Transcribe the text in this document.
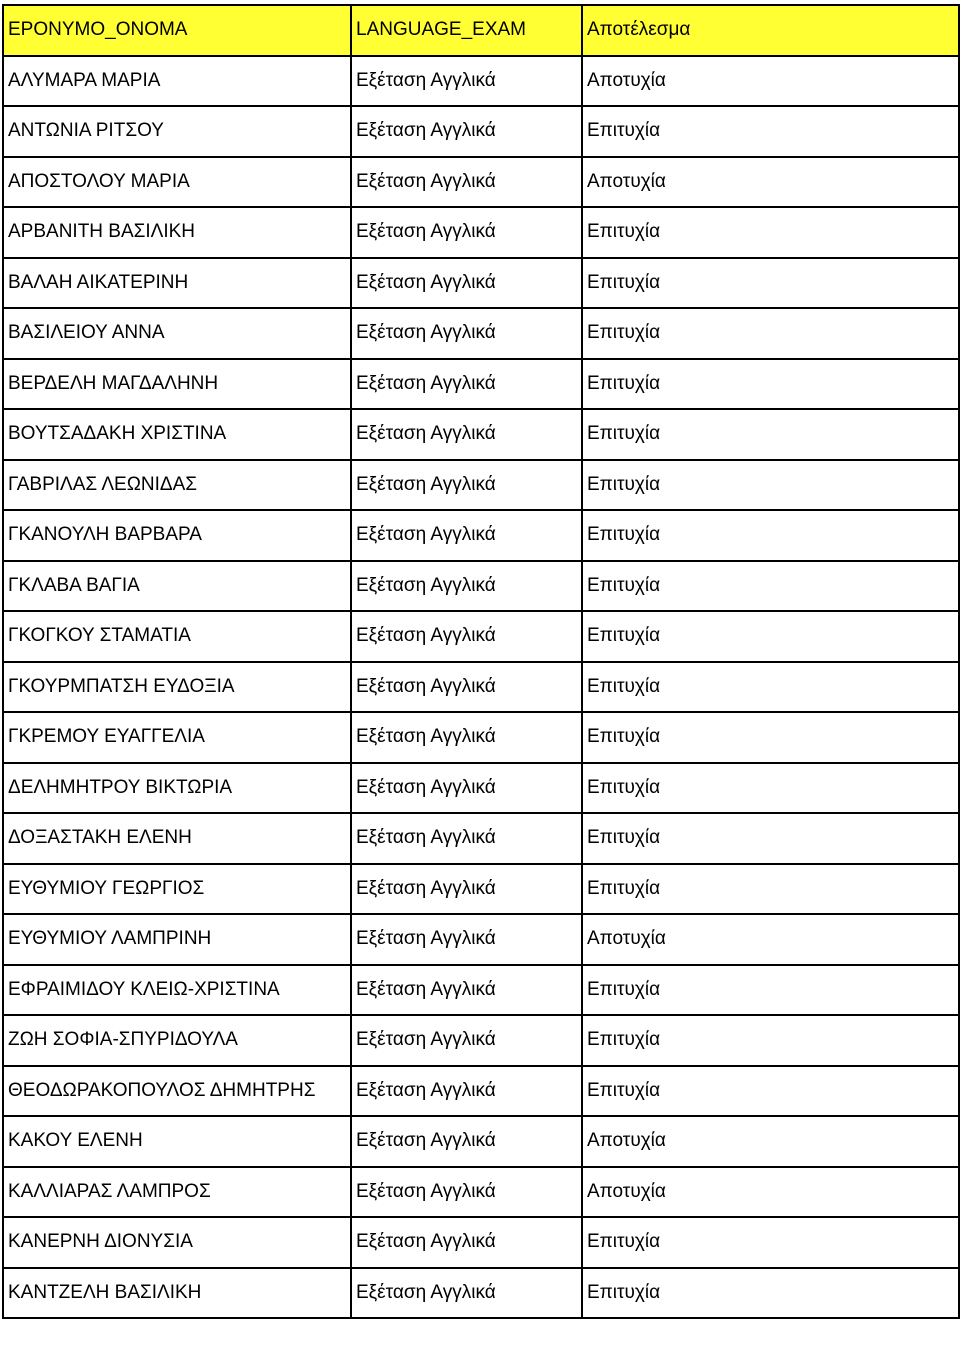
ΕΡΟΝΥΜΟ_ΟΝΟΜΑ	LANGUAGE_EXAM	Αποτέλεσμα
ΑΛΥΜΑΡΑ ΜΑΡΙΑ	Εξέταση Αγγλικά	Αποτυχία
ΑΝΤΩΝΙΑ ΡΙΤΣΟΥ	Εξέταση Αγγλικά	Επιτυχία
ΑΠΟΣΤΟΛΟΥ ΜΑΡΙΑ	Εξέταση Αγγλικά	Αποτυχία
ΑΡΒΑΝΙΤΗ ΒΑΣΙΛΙΚΗ	Εξέταση Αγγλικά	Επιτυχία
ΒΑΛΑΗ ΑΙΚΑΤΕΡΙΝΗ	Εξέταση Αγγλικά	Επιτυχία
ΒΑΣΙΛΕΙΟΥ ΑΝΝΑ	Εξέταση Αγγλικά	Επιτυχία
ΒΕΡΔΕΛΗ ΜΑΓΔΑΛΗΝΗ	Εξέταση Αγγλικά	Επιτυχία
ΒΟΥΤΣΑΔΑΚΗ ΧΡΙΣΤΙΝΑ	Εξέταση Αγγλικά	Επιτυχία
ΓΑΒΡΙΛΑΣ ΛΕΩΝΙΔΑΣ	Εξέταση Αγγλικά	Επιτυχία
ΓΚΑΝΟΥΛΗ ΒΑΡΒΑΡΑ	Εξέταση Αγγλικά	Επιτυχία
ΓΚΛΑΒΑ ΒΑΓΙΑ	Εξέταση Αγγλικά	Επιτυχία
ΓΚΟΓΚΟΥ ΣΤΑΜΑΤΙΑ	Εξέταση Αγγλικά	Επιτυχία
ΓΚΟΥΡΜΠΑΤΣΗ ΕΥΔΟΞΙΑ	Εξέταση Αγγλικά	Επιτυχία
ΓΚΡΕΜΟΥ ΕΥΑΓΓΕΛΙΑ	Εξέταση Αγγλικά	Επιτυχία
ΔΕΛΗΜΗΤΡΟΥ ΒΙΚΤΩΡΙΑ	Εξέταση Αγγλικά	Επιτυχία
ΔΟΞΑΣΤΑΚΗ ΕΛΕΝΗ	Εξέταση Αγγλικά	Επιτυχία
ΕΥΘΥΜΙΟΥ ΓΕΩΡΓΙΟΣ	Εξέταση Αγγλικά	Επιτυχία
ΕΥΘΥΜΙΟΥ ΛΑΜΠΡΙΝΗ	Εξέταση Αγγλικά	Αποτυχία
ΕΦΡΑΙΜΙΔΟΥ ΚΛΕΙΩ-ΧΡΙΣΤΙΝΑ	Εξέταση Αγγλικά	Επιτυχία
ΖΩΗ ΣΟΦΙΑ-ΣΠΥΡΙΔΟΥΛΑ	Εξέταση Αγγλικά	Επιτυχία
ΘΕΟΔΩΡΑΚΟΠΟΥΛΟΣ ΔΗΜΗΤΡΗΣ	Εξέταση Αγγλικά	Επιτυχία
ΚΑΚΟΥ ΕΛΕΝΗ	Εξέταση Αγγλικά	Αποτυχία
ΚΑΛΛΙΑΡΑΣ ΛΑΜΠΡΟΣ	Εξέταση Αγγλικά	Αποτυχία
ΚΑΝΕΡΝΗ ΔΙΟΝΥΣΙΑ	Εξέταση Αγγλικά	Επιτυχία
ΚΑΝΤΖΕΛΗ ΒΑΣΙΛΙΚΗ	Εξέταση Αγγλικά	Επιτυχία
